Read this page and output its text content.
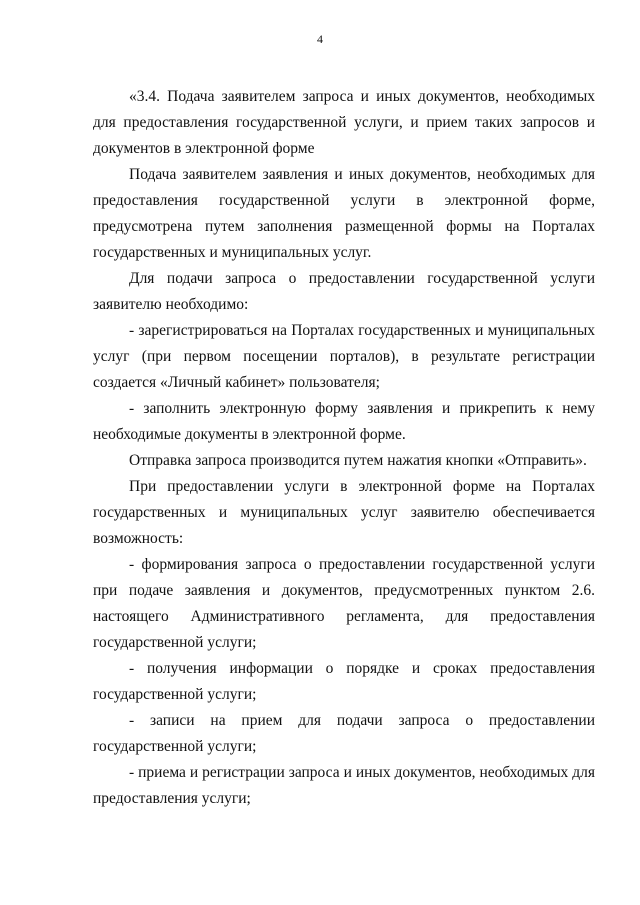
4

«3.4. Подача заявителем запроса и иных документов, необходимых для предоставления государственной услуги, и прием таких запросов и документов в электронной форме

Подача заявителем заявления и иных документов, необходимых для предоставления государственной услуги в электронной форме, предусмотрена путем заполнения размещенной формы на Порталах государственных и муниципальных услуг.

Для подачи запроса о предоставлении государственной услуги заявителю необходимо:

- зарегистрироваться на Порталах государственных и муниципальных услуг (при первом посещении порталов), в результате регистрации создается «Личный кабинет» пользователя;

- заполнить электронную форму заявления и прикрепить к нему необходимые документы в электронной форме.

Отправка запроса производится путем нажатия кнопки «Отправить».

При предоставлении услуги в электронной форме на Порталах государственных и муниципальных услуг заявителю обеспечивается возможность:

- формирования запроса о предоставлении государственной услуги при подаче заявления и документов, предусмотренных пунктом 2.6. настоящего Административного регламента, для предоставления государственной услуги;

- получения информации о порядке и сроках предоставления государственной услуги;

- записи на прием для подачи запроса о предоставлении государственной услуги;

- приема и регистрации запроса и иных документов, необходимых для предоставления услуги;
